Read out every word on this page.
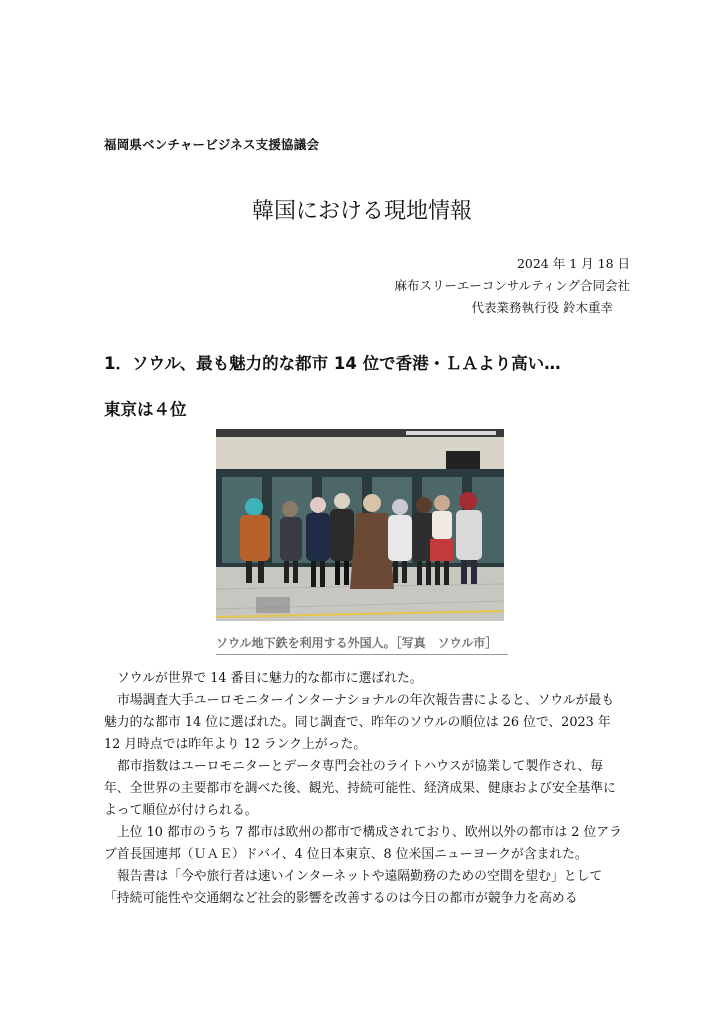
福岡県ベンチャービジネス支援協議会
韓国における現地情報
2024 年 1 月 18 日
麻布スリーエーコンサルティング合同会社
代表業務執行役 鈴木重幸
1．ソウル、最も魅力的な都市 14 位で香港・ＬＡより高い…
東京は４位
ソウル地下鉄を利用する外国人。［写真　ソウル市］

ソウルが世界で 14 番目に魅力的な都市に選ばれた。

市場調査大手ユーロモニターインターナショナルの年次報告書によると、ソウルが最も魅力的な都市 14 位に選ばれた。同じ調査で、昨年のソウルの順位は 26 位で、2023 年 12 月時点では昨年より 12 ランク上がった。

都市指数はユーロモニターとデータ専門会社のライトハウスが協業して製作され、毎年、全世界の主要都市を調べた後、観光、持続可能性、経済成果、健康および安全基準によって順位が付けられる。

上位 10 都市のうち 7 都市は欧州の都市で構成されており、欧州以外の都市は 2 位アラブ首長国連邦（ＵＡＥ）ドバイ、4 位日本東京、8 位米国ニューヨークが含まれた。

報告書は「今や旅行者は速いインターネットや遠隔勤務のための空間を望む」として「持続可能性や交通網など社会的影響を改善するのは今日の都市が競争力を高める
